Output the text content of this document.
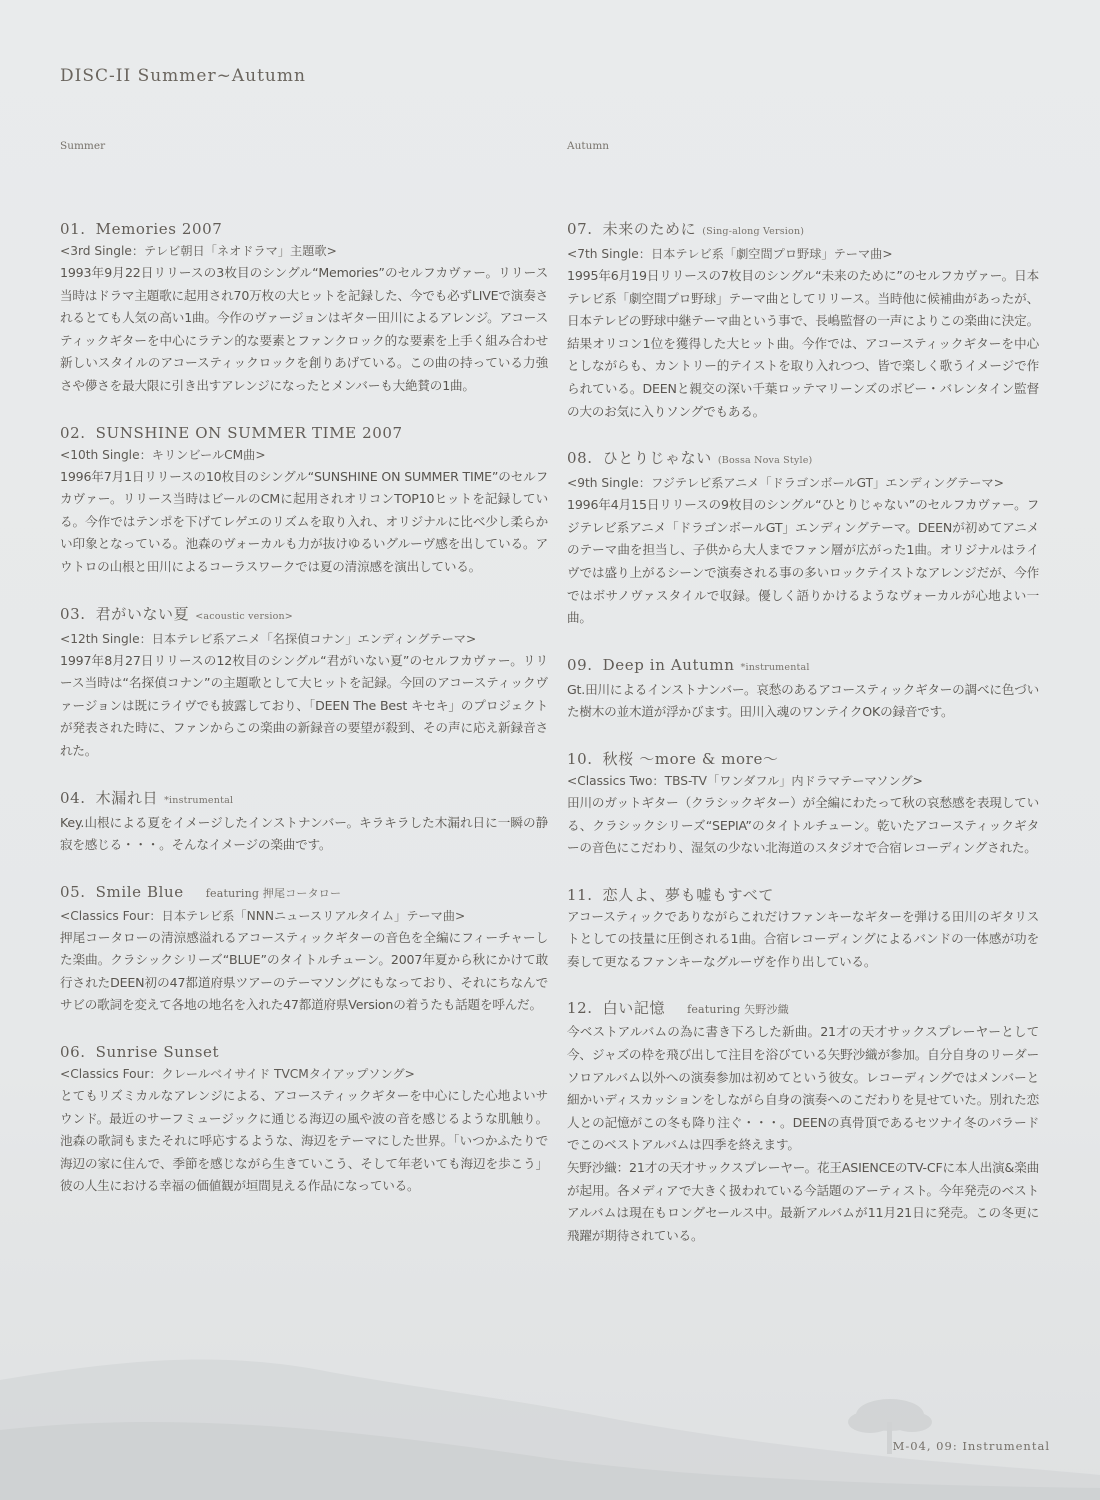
DISC-II Summer~Autumn
Summer	Autumn
01. Memories 2007
<3rd Single：テレビ朝日「ネオドラマ」主題歌>
1993年9月22日リリースの3枚目のシングル“Memories”のセルフカヴァー。リリース当時はドラマ主題歌に起用され70万枚の大ヒットを記録した、今でも必ずLIVEで演奏されるとても人気の高い1曲。今作のヴァージョンはギター田川によるアレンジ。アコースティックギターを中心にラテン的な要素とファンクロック的な要素を上手く組み合わせ新しいスタイルのアコースティックロックを創りあげている。この曲の持っている力強さや儚さを最大限に引き出すアレンジになったとメンバーも大絶賛の1曲。
02. SUNSHINE ON SUMMER TIME 2007
<10th Single：キリンビールCM曲>
1996年7月1日リリースの10枚目のシングル“SUNSHINE ON SUMMER TIME”のセルフカヴァー。リリース当時はビールのCMに起用されオリコンTOP10ヒットを記録している。今作ではテンポを下げてレゲエのリズムを取り入れ、オリジナルに比べ少し柔らかい印象となっている。池森のヴォーカルも力が抜けゆるいグルーヴ感を出している。アウトロの山根と田川によるコーラスワークでは夏の清涼感を演出している。
03. 君がいない夏 <acoustic version>
<12th Single：日本テレビ系アニメ「名探偵コナン」エンディングテーマ>
1997年8月27日リリースの12枚目のシングル“君がいない夏”のセルフカヴァー。リリース当時は“名探偵コナン”の主題歌として大ヒットを記録。今回のアコースティックヴァージョンは既にライヴでも披露しており、「DEEN The Best キセキ」のプロジェクトが発表された時に、ファンからこの楽曲の新録音の要望が殺到、その声に応え新録音された。
04. 木漏れ日 *instrumental
Key.山根による夏をイメージしたインストナンバー。キラキラした木漏れ日に一瞬の静寂を感じる・・・。そんなイメージの楽曲です。
05. Smile Blue featuring 押尾コータロー
<Classics Four：日本テレビ系「NNNニュースリアルタイム」テーマ曲>
押尾コータローの清涼感溢れるアコースティックギターの音色を全編にフィーチャーした楽曲。クラシックシリーズ“BLUE”のタイトルチューン。2007年夏から秋にかけて敢行されたDEEN初の47都道府県ツアーのテーマソングにもなっており、それにちなんでサビの歌詞を変えて各地の地名を入れた47都道府県Versionの着うたも話題を呼んだ。
06. Sunrise Sunset
<Classics Four：クレールベイサイド TVCMタイアップソング>
とてもリズミカルなアレンジによる、アコースティックギターを中心にした心地よいサウンド。最近のサーフミュージックに通じる海辺の風や波の音を感じるような肌触り。池森の歌詞もまたそれに呼応するような、海辺をテーマにした世界。「いつかふたりで海辺の家に住んで、季節を感じながら生きていこう、そして年老いても海辺を歩こう」彼の人生における幸福の価値観が垣間見える作品になっている。
07. 未来のために (Sing-along Version)
<7th Single：日本テレビ系「劇空間プロ野球」テーマ曲>
1995年6月19日リリースの7枚目のシングル“未来のために”のセルフカヴァー。日本テレビ系「劇空間プロ野球」テーマ曲としてリリース。当時他に候補曲があったが、日本テレビの野球中継テーマ曲という事で、長嶋監督の一声によりこの楽曲に決定。結果オリコン1位を獲得した大ヒット曲。今作では、アコースティックギターを中心としながらも、カントリー的テイストを取り入れつつ、皆で楽しく歌うイメージで作られている。DEENと親交の深い千葉ロッテマリーンズのボビー・バレンタイン監督の大のお気に入りソングでもある。
08. ひとりじゃない (Bossa Nova Style)
<9th Single：フジテレビ系アニメ「ドラゴンボールGT」エンディングテーマ>
1996年4月15日リリースの9枚目のシングル“ひとりじゃない”のセルフカヴァー。フジテレビ系アニメ「ドラゴンボールGT」エンディングテーマ。DEENが初めてアニメのテーマ曲を担当し、子供から大人までファン層が広がった1曲。オリジナルはライヴでは盛り上がるシーンで演奏される事の多いロックテイストなアレンジだが、今作ではボサノヴァスタイルで収録。優しく語りかけるようなヴォーカルが心地よい一曲。
09. Deep in Autumn *instrumental
Gt.田川によるインストナンバー。哀愁のあるアコースティックギターの調べに色づいた樹木の並木道が浮かびます。田川入魂のワンテイクOKの録音です。
10. 秋桜 〜more & more〜
<Classics Two：TBS-TV「ワンダフル」内ドラマテーマソング>
田川のガットギター（クラシックギター）が全編にわたって秋の哀愁感を表現している、クラシックシリーズ“SEPIA”のタイトルチューン。乾いたアコースティックギターの音色にこだわり、湿気の少ない北海道のスタジオで合宿レコーディングされた。
11. 恋人よ、夢も嘘もすべて
アコースティックでありながらこれだけファンキーなギターを弾ける田川のギタリストとしての技量に圧倒される1曲。合宿レコーディングによるバンドの一体感が功を奏して更なるファンキーなグルーヴを作り出している。
12. 白い記憶 featuring 矢野沙織
今ベストアルバムの為に書き下ろした新曲。21才の天才サックスプレーヤーとして今、ジャズの枠を飛び出して注目を浴びている矢野沙織が参加。自分自身のリーダーソロアルバム以外への演奏参加は初めてという彼女。レコーディングではメンバーと細かいディスカッションをしながら自身の演奏へのこだわりを見せていた。別れた恋人との記憶がこの冬も降り注ぐ・・・。DEENの真骨頂であるセツナイ冬のバラードでこのベストアルバムは四季を終えます。
矢野沙織：21才の天才サックスプレーヤー。花王ASIENCEのTV-CFに本人出演&楽曲が起用。各メディアで大きく扱われている今話題のアーティスト。今年発売のベストアルバムは現在もロングセールス中。最新アルバムが11月21日に発売。この冬更に飛躍が期待されている。
M-04, 09: Instrumental
